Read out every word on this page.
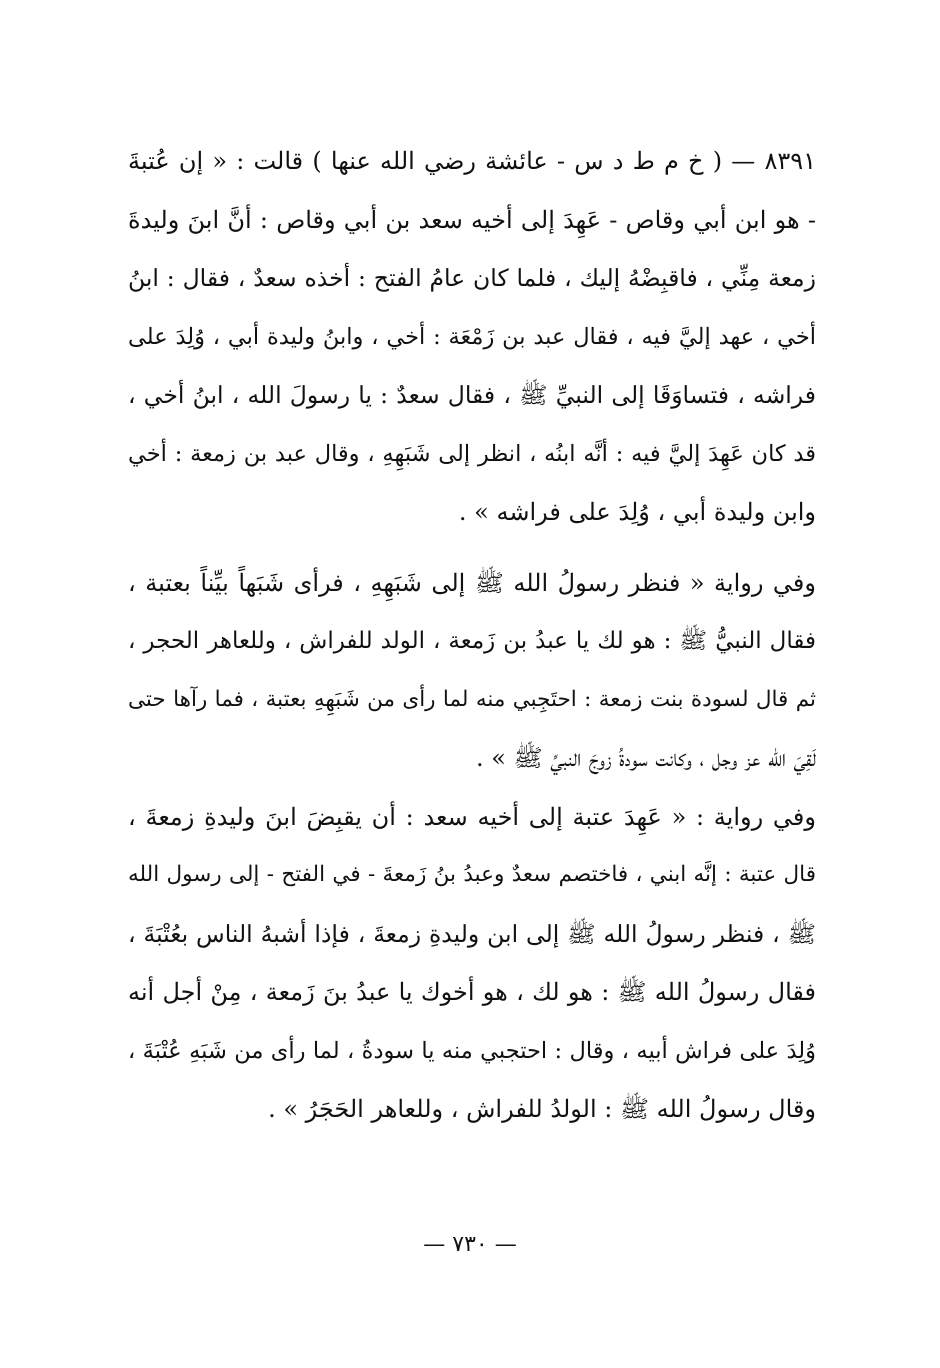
٨٣٩١ — ( خ م ط د س - عائشة رضي الله عنها ) قالت : « إن عُتبةَ
- هو ابن أبي وقاص - عَهِدَ إلى أخيه سعد بن أبي وقاص : أنَّ ابنَ وليدةَ
زمعة مِنِّي ، فاقبِضْهُ إليك ، فلما كان عامُ الفتح : أخذه سعدٌ ، فقال : ابنُ
أخي ، عهد إليَّ فيه ، فقال عبد بن زَمْعَة : أخي ، وابنُ وليدة أبي ، وُلِدَ على
فراشه ، فتساوَقَا إلى النبيِّ ﷺ ، فقال سعدٌ : يا رسولَ الله ، ابنُ أخي ،
قد كان عَهِدَ إليَّ فيه : أنَّه ابنُه ، انظر إلى شَبَهِهِ ، وقال عبد بن زمعة : أخي
وابن وليدة أبي ، وُلِدَ على فراشه » .
وفي رواية « فنظر رسولُ الله ﷺ إلى شَبَهِهِ ، فرأى شَبَهاً بيِّناً بعتبة ،
فقال النبيُّ ﷺ : هو لك يا عبدُ بن زَمعة ، الولد للفراش ، وللعاهر الحجر ،
ثم قال لسودة بنت زمعة : احتَجِبي منه لما رأى من شَبَهِهِ بعتبة ، فما رآها حتى
لَقِيَ الله عز وجل ، وكانت سودةُ زوجَ النبيِّ ﷺ » .
وفي رواية : « عَهِدَ عتبة إلى أخيه سعد : أن يقبِضَ ابنَ وليدةِ زمعةَ ،
قال عتبة : إنَّه ابني ، فاختصم سعدٌ وعبدُ بنُ زَمعةَ - في الفتح - إلى رسول الله
ﷺ ، فنظر رسولُ الله ﷺ إلى ابن وليدةِ زمعةَ ، فإذا أشبهُ الناس بعُتْبَةَ ،
فقال رسولُ الله ﷺ : هو لك ، هو أخوك يا عبدُ بنَ زَمعة ، مِنْ أجل أنه
وُلِدَ على فراش أبيه ، وقال : احتجبي منه يا سودةُ ، لما رأى من شَبَهِ عُتْبَةَ ،
وقال رسولُ الله ﷺ : الولدُ للفراش ، وللعاهر الحَجَرُ » .
— ٧٣٠ —
